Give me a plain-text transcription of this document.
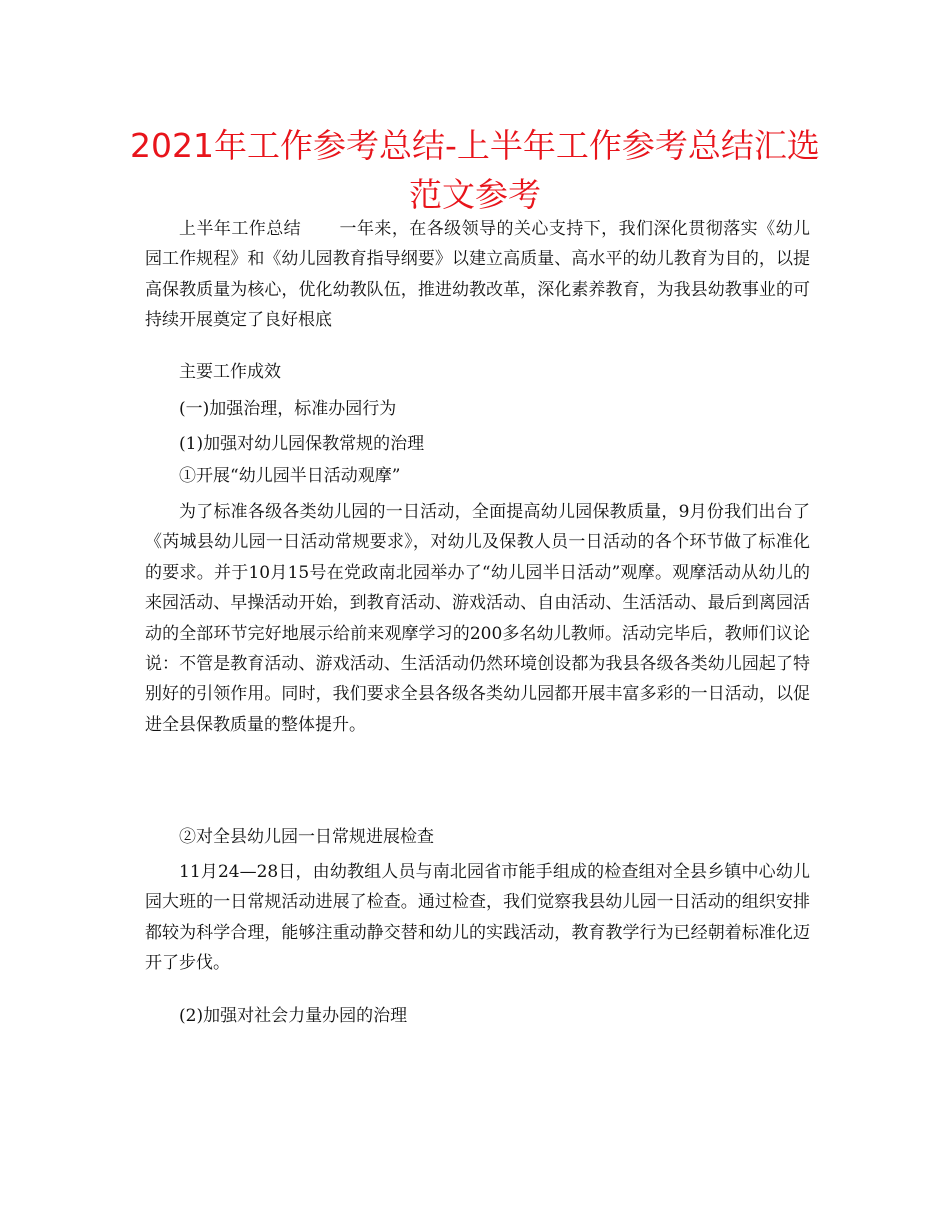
2021年工作参考总结-上半年工作参考总结汇选
范文参考

上半年工作总结 一年来，在各级领导的关心支持下，我们深化贯彻落实《幼儿园工作规程》和《幼儿园教育指导纲要》以建立高质量、高水平的幼儿教育为目的，以提高保教质量为核心，优化幼教队伍，推进幼教改革，深化素养教育，为我县幼教事业的可持续开展奠定了良好根底

主要工作成效

(一)加强治理，标准办园行为

(1)加强对幼儿园保教常规的治理

①开展“幼儿园半日活动观摩”

为了标准各级各类幼儿园的一日活动，全面提高幼儿园保教质量，9月份我们出台了《芮城县幼儿园一日活动常规要求》，对幼儿及保教人员一日活动的各个环节做了标准化的要求。并于10月15号在党政南北园举办了“幼儿园半日活动”观摩。观摩活动从幼儿的来园活动、早操活动开始，到教育活动、游戏活动、自由活动、生活活动、最后到离园活动的全部环节完好地展示给前来观摩学习的200多名幼儿教师。活动完毕后，教师们议论说：不管是教育活动、游戏活动、生活活动仍然环境创设都为我县各级各类幼儿园起了特别好的引领作用。同时，我们要求全县各级各类幼儿园都开展丰富多彩的一日活动，以促进全县保教质量的整体提升。

②对全县幼儿园一日常规进展检查

11月24—28日，由幼教组人员与南北园省市能手组成的检查组对全县乡镇中心幼儿园大班的一日常规活动进展了检查。通过检查，我们觉察我县幼儿园一日活动的组织安排都较为科学合理，能够注重动静交替和幼儿的实践活动，教育教学行为已经朝着标准化迈开了步伐。

(2)加强对社会力量办园的治理
